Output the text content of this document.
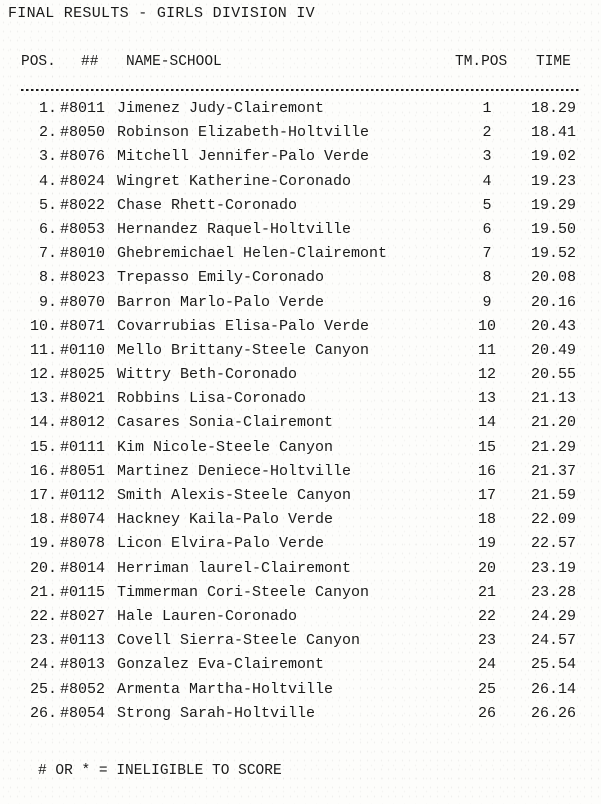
FINAL RESULTS - GIRLS DIVISION IV
POS. ## NAME-SCHOOL	TM.POS TIME
1. #8011 Jimenez Judy-Clairemont	1	18.29
2. #8050 Robinson Elizabeth-Holtville	2	18.41
3. #8076 Mitchell Jennifer-Palo Verde	3	19.02
4. #8024 Wingret Katherine-Coronado	4	19.23
5. #8022 Chase Rhett-Coronado	5	19.29
6. #8053 Hernandez Raquel-Holtville	6	19.50
7. #8010 Ghebremichael Helen-Clairemont	7	19.52
8. #8023 Trepasso Emily-Coronado	8	20.08
9. #8070 Barron Marlo-Palo Verde	9	20.16
10. #8071 Covarrubias Elisa-Palo Verde	10	20.43
11. #0110 Mello Brittany-Steele Canyon	11	20.49
12. #8025 Wittry Beth-Coronado	12	20.55
13. #8021 Robbins Lisa-Coronado	13	21.13
14. #8012 Casares Sonia-Clairemont	14	21.20
15. #0111 Kim Nicole-Steele Canyon	15	21.29
16. #8051 Martinez Deniece-Holtville	16	21.37
17. #0112 Smith Alexis-Steele Canyon	17	21.59
18. #8074 Hackney Kaila-Palo Verde	18	22.09
19. #8078 Licon Elvira-Palo Verde	19	22.57
20. #8014 Herriman laurel-Clairemont	20	23.19
21. #0115 Timmerman Cori-Steele Canyon	21	23.28
22. #8027 Hale Lauren-Coronado	22	24.29
23. #0113 Covell Sierra-Steele Canyon	23	24.57
24. #8013 Gonzalez Eva-Clairemont	24	25.54
25. #8052 Armenta Martha-Holtville	25	26.14
26. #8054 Strong Sarah-Holtville	26	26.26
# OR * = INELIGIBLE TO SCORE
